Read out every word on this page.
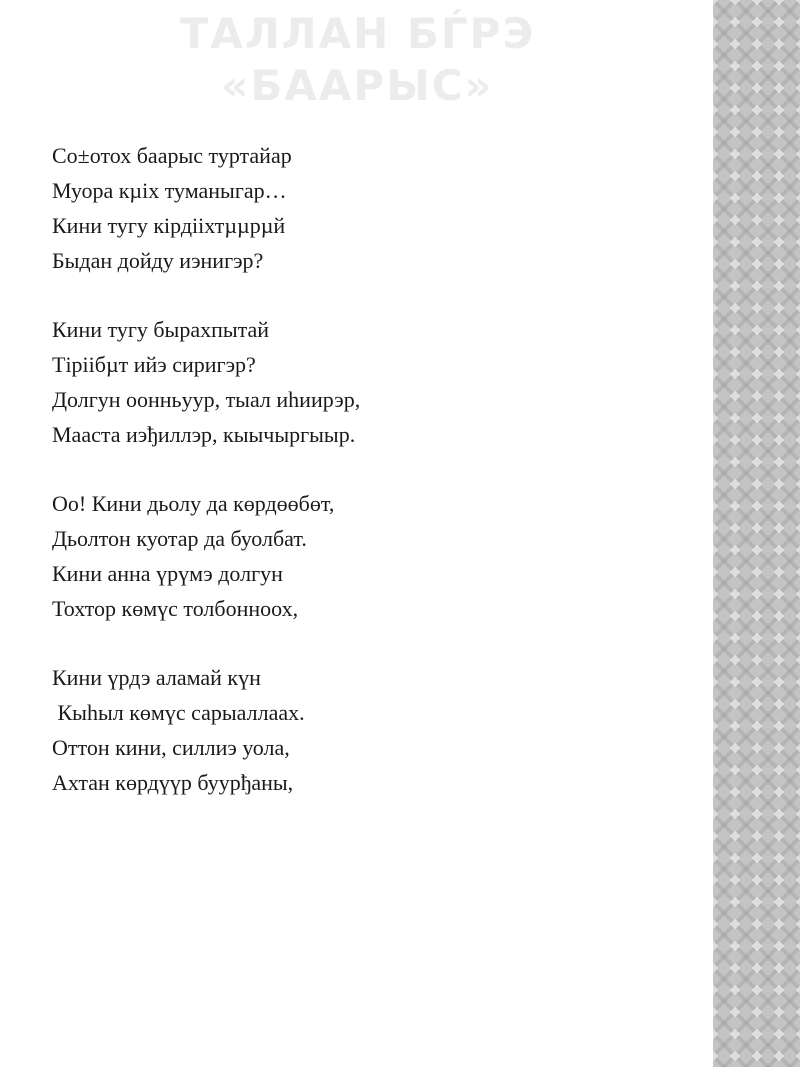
ТАЛЛАН БЃРЭ
«БААРЫС»
Со±отох баарыс туртайар
Муора кµіх туманыгар…
Кини тугу кірдііхтµµрµй
Быдан дойду иэнигэр?
Кини тугу бырахпытай
Тіріібµт ийэ сиригэр?
Долгун оонньуур, тыал иһиирэр,
Мааста иэђиллэр, кыычыргыыр.
Оо! Кини дьолу да көрдөөбөт,
Дьолтон куотар да буолбат.
Кини анна үрүмэ долгун
Тохтор көмүс толбонноох,
Кини үрдэ аламай күн
Кыһыл көмүс сарыаллаах.
Оттон кини, силлиэ уола,
Ахтан көрдүүр буурђаны,
